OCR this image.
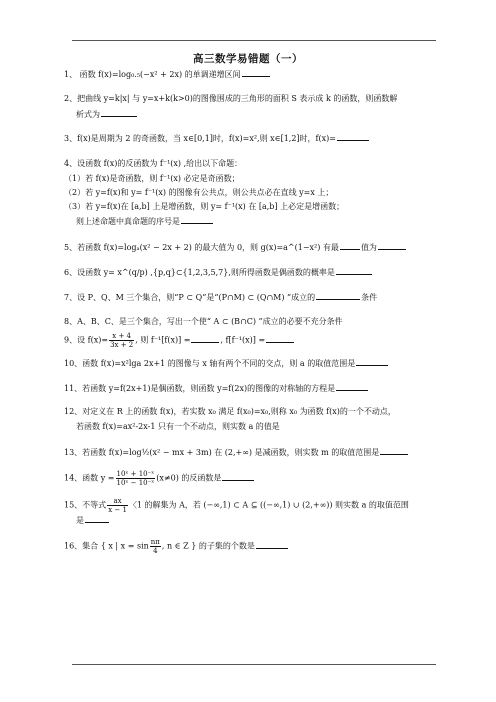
高三数学易错题（一）
1、 函数 f(x)=log₀.₅(−x² + 2x) 的单调递增区间
2、把曲线 y=k|x| 与 y=x+k(k>0)的图像围成的三角形的面积 S 表示成 k 的函数，则函数解
析式为
3、f(x)是周期为 2 的奇函数，当 x∈[0,1]时，f(x)=x²,则 x∈[1,2]时，f(x)=
4、设函数 f(x)的反函数为 f⁻¹(x) ,给出以下命题：
（1）若 f(x)是奇函数，则 f⁻¹(x) 必定是奇函数；
（2）若 y=f(x)和 y= f⁻¹(x) 的图像有公共点，则公共点必在直线 y=x 上；
（3）若 y=f(x)在 [a,b] 上是增函数，则 y= f⁻¹(x) 在 [a,b] 上必定是增函数；
则上述命题中真命题的序号是
5、若函数 f(x)=logₐ(x² − 2x + 2) 的最大值为 0，则 g(x)=a^(1−x²) 有最	值为
6、设函数 y= x^(q/p) ,{p,q}⊂{1,2,3,5,7},则所得函数是偶函数的概率是
7、设 P、Q、M 三个集合，则“P ⊂ Q”是“(P∩M) ⊂ (Q∩M) ”成立的	条件
8、A、B、C、是三个集合，写出一个使“ A ⊂ (B∩C) ”成立的必要不充分条件
9、设 $f(x)= \frac{x + 4}{3x + 2}$ , 则 f⁻¹[f(x)] =	, f[f⁻¹(x)] =
10、函数 f(x)=x²lga 2x+1 的图像与 x 轴有两个不同的交点，则 a 的取值范围是
11、若函数 y=f(2x+1)是偶函数，则函数 y=f(2x)的图像的对称轴的方程是
12、对定义在 R 上的函数 f(x)，若实数 x₀ 满足 f(x₀)=x₀,则称 x₀ 为函数 f(x)的一个不动点，
若函数 f(x)=ax²-2x-1 只有一个不动点，则实数 a 的值是
13、若函数 f(x)=log½(x² − mx + 3m) 在 (2,+∞) 是减函数，则实数 m 的取值范围是
14、函数 $y = \frac{\text{10ˣ + 10⁻ˣ}}{\text{10ˣ − 10⁻ˣ}} (x\ne 0)$ 的反函数是
15、不等式 $\frac{ax}{x - 1}$ 〈1 的解集为 A，若 (−∞,1) ⊂ A ⊆ ((−∞,1) ∪ (2,+∞)) 则实数 a 的取值范围
是
16、集合 { x | $x = \sin \frac{n\pi}{4}$ , n ∈ Z } 的子集的个数是
